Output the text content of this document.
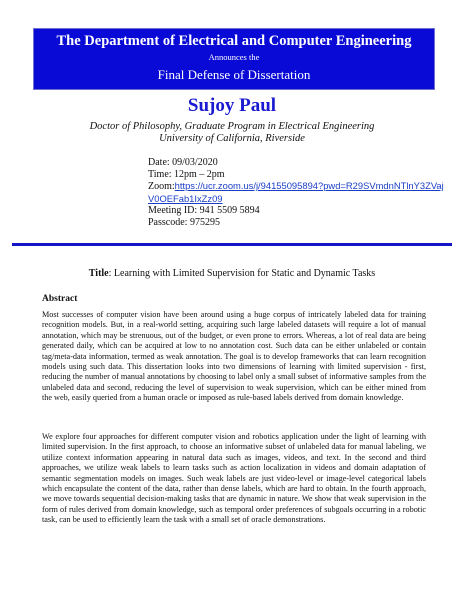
The Department of Electrical and Computer Engineering
Announces the
Final Defense of Dissertation
Sujoy Paul
Doctor of Philosophy, Graduate Program in Electrical Engineering
University of California, Riverside
Date: 09/03/2020
Time: 12pm – 2pm
Zoom:https://ucr.zoom.us/j/94155095894?pwd=R29SVmdnNTlnY3ZVajV0OEFab1IxZz09
Meeting ID: 941 5509 5894
Passcode: 975295
Title: Learning with Limited Supervision for Static and Dynamic Tasks
Abstract
Most successes of computer vision have been around using a huge corpus of intricately labeled data for training recognition models. But, in a real-world setting, acquiring such large labeled datasets will require a lot of manual annotation, which may be strenuous, out of the budget, or even prone to errors. Whereas, a lot of real data are being generated daily, which can be acquired at low to no annotation cost. Such data can be either unlabeled or contain tag/meta-data information, termed as weak annotation. The goal is to develop frameworks that can learn recognition models using such data. This dissertation looks into two dimensions of learning with limited supervision - first, reducing the number of manual annotations by choosing to label only a small subset of informative samples from the unlabeled data and second, reducing the level of supervision to weak supervision, which can be either mined from the web, easily queried from a human oracle or imposed as rule-based labels derived from domain knowledge.
We explore four approaches for different computer vision and robotics application under the light of learning with limited supervision. In the first approach, to choose an informative subset of unlabeled data for manual labeling, we utilize context information appearing in natural data such as images, videos, and text. In the second and third approaches, we utilize weak labels to learn tasks such as action localization in videos and domain adaptation of semantic segmentation models on images. Such weak labels are just video-level or image-level categorical labels which encapsulate the content of the data, rather than dense labels, which are hard to obtain. In the fourth approach, we move towards sequential decision-making tasks that are dynamic in nature. We show that weak supervision in the form of rules derived from domain knowledge, such as temporal order preferences of subgoals occurring in a robotic task, can be used to efficiently learn the task with a small set of oracle demonstrations.
